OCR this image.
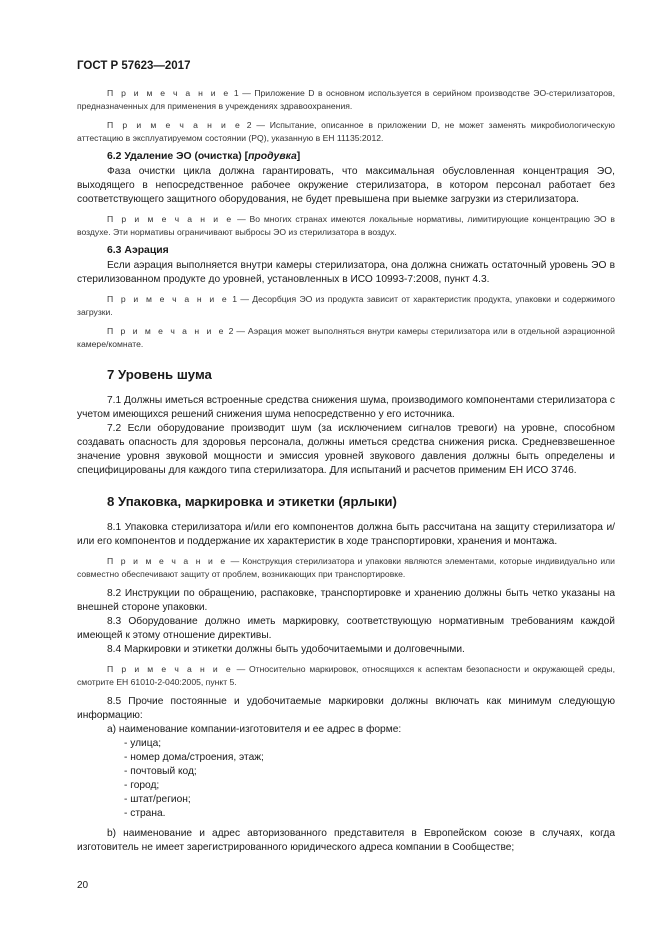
ГОСТ Р 57623—2017

П р и м е ч а н и е 1 — Приложение D в основном используется в серийном производстве ЭО-стерилизаторов, предназначенных для применения в учреждениях здравоохранения.

П р и м е ч а н и е 2 — Испытание, описанное в приложении D, не может заменять микробиологическую аттестацию в эксплуатируемом состоянии (PQ), указанную в ЕН 11135:2012.

6.2 Удаление ЭО (очистка) [продувка]

Фаза очистки цикла должна гарантировать, что максимальная обусловленная концентрация ЭО, выходящего в непосредственное рабочее окружение стерилизатора, в котором персонал работает без соответствующего защитного оборудования, не будет превышена при выемке загрузки из стерилизатора.

П р и м е ч а н и е — Во многих странах имеются локальные нормативы, лимитирующие концентрацию ЭО в воздухе. Эти нормативы ограничивают выбросы ЭО из стерилизатора в воздух.

6.3 Аэрация

Если аэрация выполняется внутри камеры стерилизатора, она должна снижать остаточный уровень ЭО в стерилизованном продукте до уровней, установленных в ИСО 10993-7:2008, пункт 4.3.

П р и м е ч а н и е 1 — Десорбция ЭО из продукта зависит от характеристик продукта, упаковки и содержимого загрузки.

П р и м е ч а н и е 2 — Аэрация может выполняться внутри камеры стерилизатора или в отдельной аэрационной камере/комнате.

7 Уровень шума

7.1 Должны иметься встроенные средства снижения шума, производимого компонентами стерилизатора с учетом имеющихся решений снижения шума непосредственно у его источника.

7.2 Если оборудование производит шум (за исключением сигналов тревоги) на уровне, способном создавать опасность для здоровья персонала, должны иметься средства снижения риска. Средневзвешенное значение уровня звуковой мощности и эмиссия уровней звукового давления должны быть определены и специфицированы для каждого типа стерилизатора. Для испытаний и расчетов применим ЕН ИСО 3746.

8 Упаковка, маркировка и этикетки (ярлыки)

8.1 Упаковка стерилизатора и/или его компонентов должна быть рассчитана на защиту стерилизатора и/или его компонентов и поддержание их характеристик в ходе транспортировки, хранения и монтажа.

П р и м е ч а н и е — Конструкция стерилизатора и упаковки являются элементами, которые индивидуально или совместно обеспечивают защиту от проблем, возникающих при транспортировке.

8.2 Инструкции по обращению, распаковке, транспортировке и хранению должны быть четко указаны на внешней стороне упаковки.

8.3 Оборудование должно иметь маркировку, соответствующую нормативным требованиям каждой имеющей к этому отношение директивы.

8.4 Маркировки и этикетки должны быть удобочитаемыми и долговечными.

П р и м е ч а н и е — Относительно маркировок, относящихся к аспектам безопасности и окружающей среды, смотрите ЕН 61010-2-040:2005, пункт 5.

8.5 Прочие постоянные и удобочитаемые маркировки должны включать как минимум следующую информацию:

a) наименование компании-изготовителя и ее адрес в форме:
- улица;
- номер дома/строения, этаж;
- почтовый код;
- город;
- штат/регион;
- страна.
b) наименование и адрес авторизованного представителя в Европейском союзе в случаях, когда изготовитель не имеет зарегистрированного юридического адреса компании в Сообществе;
20
